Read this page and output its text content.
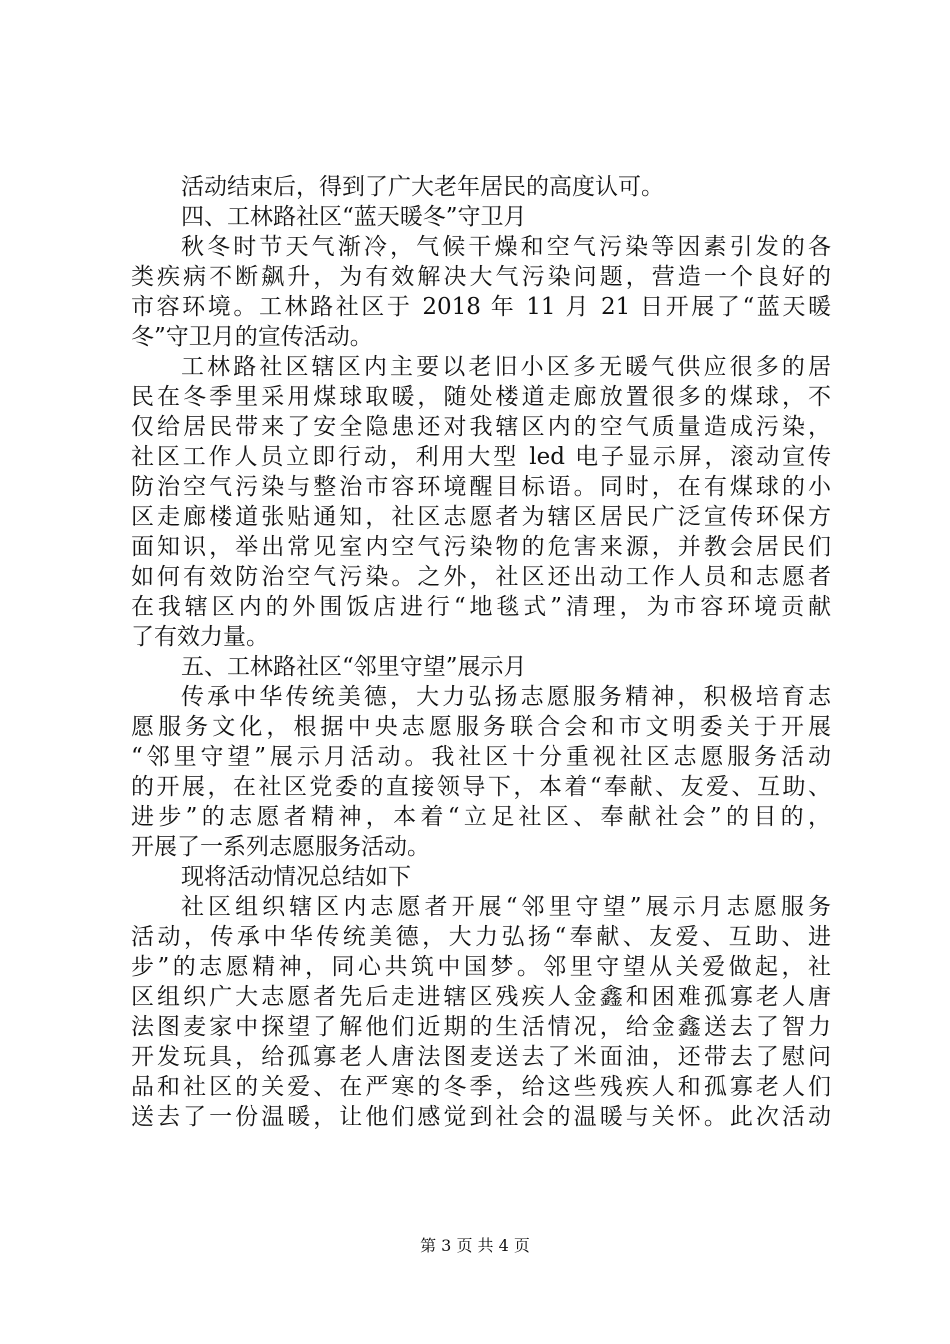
活动结束后，得到了广大老年居民的高度认可。
四、工林路社区“蓝天暖冬”守卫月
秋冬时节天气渐冷，气候干燥和空气污染等因素引发的各
类疾病不断飙升，为有效解决大气污染问题，营造一个良好的
市容环境。工林路社区于 2018 年 11 月 21 日开展了“蓝天暖
冬”守卫月的宣传活动。
工林路社区辖区内主要以老旧小区多无暖气供应很多的居
民在冬季里采用煤球取暖，随处楼道走廊放置很多的煤球，不
仅给居民带来了安全隐患还对我辖区内的空气质量造成污染，
社区工作人员立即行动，利用大型 led 电子显示屏，滚动宣传
防治空气污染与整治市容环境醒目标语。同时，在有煤球的小
区走廊楼道张贴通知，社区志愿者为辖区居民广泛宣传环保方
面知识，举出常见室内空气污染物的危害来源，并教会居民们
如何有效防治空气污染。之外，社区还出动工作人员和志愿者
在我辖区内的外围饭店进行“地毯式”清理，为市容环境贡献
了有效力量。
五、工林路社区“邻里守望”展示月
传承中华传统美德，大力弘扬志愿服务精神，积极培育志
愿服务文化，根据中央志愿服务联合会和市文明委关于开展
“邻里守望”展示月活动。我社区十分重视社区志愿服务活动
的开展，在社区党委的直接领导下，本着“奉献、友爱、互助、
进步”的志愿者精神，本着“立足社区、奉献社会”的目的，
开展了一系列志愿服务活动。
现将活动情况总结如下
社区组织辖区内志愿者开展“邻里守望”展示月志愿服务
活动，传承中华传统美德，大力弘扬“奉献、友爱、互助、进
步”的志愿精神，同心共筑中国梦。邻里守望从关爱做起，社
区组织广大志愿者先后走进辖区残疾人金鑫和困难孤寡老人唐
法图麦家中探望了解他们近期的生活情况，给金鑫送去了智力
开发玩具，给孤寡老人唐法图麦送去了米面油，还带去了慰问
品和社区的关爱、在严寒的冬季，给这些残疾人和孤寡老人们
送去了一份温暖，让他们感觉到社会的温暖与关怀。此次活动
第 3 页 共 4 页
